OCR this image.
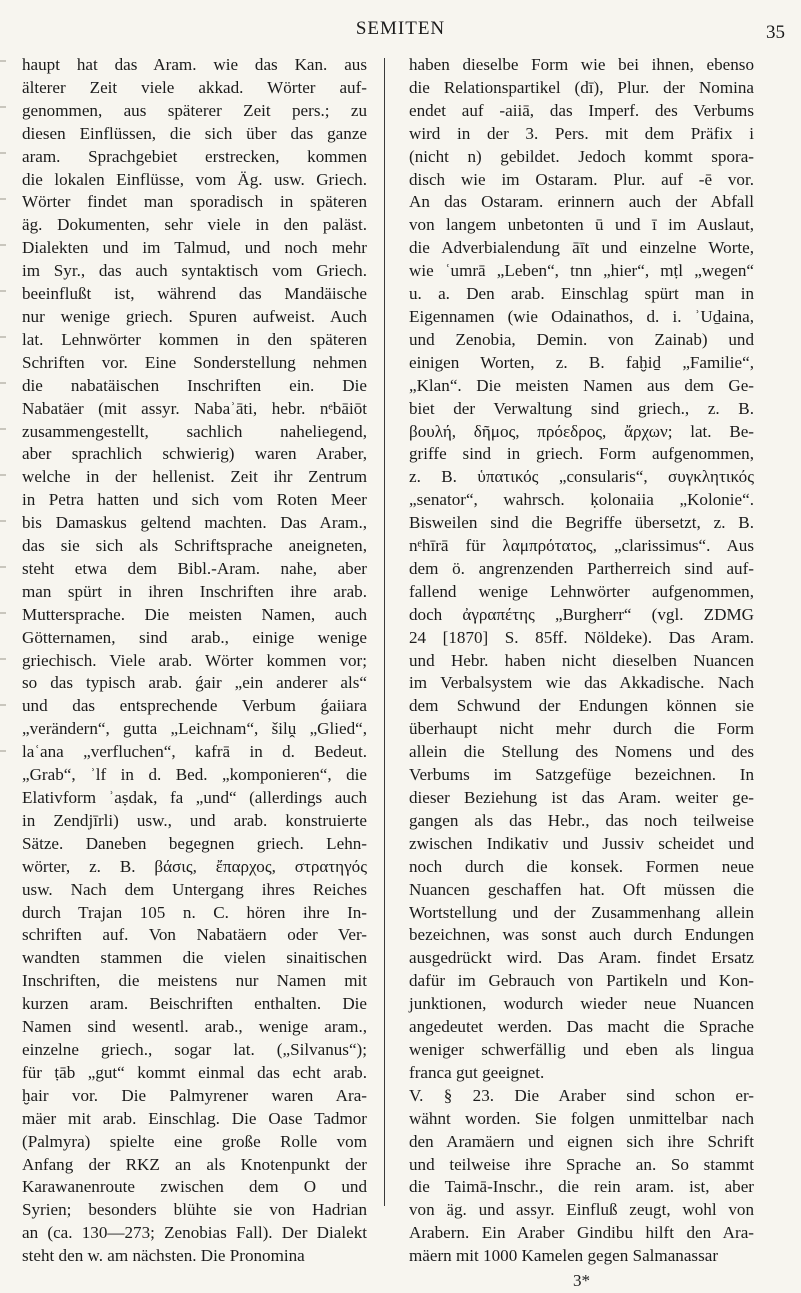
SEMITEN	35
haupt hat das Aram. wie das Kan. aus
älterer Zeit viele akkad. Wörter auf-
genommen, aus späterer Zeit pers.; zu
diesen Einflüssen, die sich über das ganze
aram. Sprachgebiet erstrecken, kommen
die lokalen Einflüsse, vom Äg. usw. Griech.
Wörter findet man sporadisch in späteren
äg. Dokumenten, sehr viele in den paläst.
Dialekten und im Talmud, und noch mehr
im Syr., das auch syntaktisch vom Griech.
beeinflußt ist, während das Mandäische
nur wenige griech. Spuren aufweist. Auch
lat. Lehnwörter kommen in den späteren
Schriften vor. Eine Sonderstellung nehmen
die nabatäischen Inschriften ein. Die
Nabatäer (mit assyr. Nabaʾāti, hebr. nᵉbāiōt
zusammengestellt, sachlich naheliegend,
aber sprachlich schwierig) waren Araber,
welche in der hellenist. Zeit ihr Zentrum
in Petra hatten und sich vom Roten Meer
bis Damaskus geltend machten. Das Aram.,
das sie sich als Schriftsprache aneigneten,
steht etwa dem Bibl.-Aram. nahe, aber
man spürt in ihren Inschriften ihre arab.
Muttersprache. Die meisten Namen, auch
Götternamen, sind arab., einige wenige
griechisch. Viele arab. Wörter kommen vor;
so das typisch arab. ǵair „ein anderer als“
und das entsprechende Verbum ǵaiiara
„verändern“, gutta „Leichnam“, šilṷ „Glied“,
laʿana „verfluchen“, kafrā in d. Bedeut.
„Grab“, ʾlf in d. Bed. „komponieren“, die
Elativform ʾaṣdak, fa „und“ (allerdings auch
in Zendjīrli) usw., und arab. konstruierte
Sätze. Daneben begegnen griech. Lehn-
wörter, z. B. βάσις, ἔπαρχος, στρατηγός
usw. Nach dem Untergang ihres Reiches
durch Trajan 105 n. C. hören ihre In-
schriften auf. Von Nabatäern oder Ver-
wandten stammen die vielen sinaitischen
Inschriften, die meistens nur Namen mit
kurzen aram. Beischriften enthalten. Die
Namen sind wesentl. arab., wenige aram.,
einzelne griech., sogar lat. („Silvanus“);
für ṭāb „gut“ kommt einmal das echt arab.
ḫair vor. Die Palmyrener waren Ara-
mäer mit arab. Einschlag. Die Oase Tadmor
(Palmyra) spielte eine große Rolle vom
Anfang der RKZ an als Knotenpunkt der
Karawanenroute zwischen dem O und
Syrien; besonders blühte sie von Hadrian
an (ca. 130—273; Zenobias Fall). Der Dialekt
steht den w. am nächsten. Die Pronomina
haben dieselbe Form wie bei ihnen, ebenso
die Relationspartikel (dī), Plur. der Nomina
endet auf -aiiā, das Imperf. des Verbums
wird in der 3. Pers. mit dem Präfix i
(nicht n) gebildet. Jedoch kommt spora-
disch wie im Ostaram. Plur. auf -ē vor.
An das Ostaram. erinnern auch der Abfall
von langem unbetonten ū und ī im Auslaut,
die Adverbialendung āīt und einzelne Worte,
wie ʿumrā „Leben“, tnn „hier“, mṭl „wegen“
u. a. Den arab. Einschlag spürt man in
Eigennamen (wie Odainathos, d. i. ʾUḏaina,
und Zenobia, Demin. von Zainab) und
einigen Worten, z. B. faḫiḏ „Familie“,
„Klan“. Die meisten Namen aus dem Ge-
biet der Verwaltung sind griech., z. B.
βουλή, δῆμος, πρόεδρος, ἄρχων; lat. Be-
griffe sind in griech. Form aufgenommen,
z. B. ὑπατικός „consularis“, συγκλητικός
„senator“, wahrsch. ḳolonaiia „Kolonie“.
Bisweilen sind die Begriffe übersetzt, z. B.
nᵉhīrā für λαμπρότατος, „clarissimus“. Aus
dem ö. angrenzenden Partherreich sind auf-
fallend wenige Lehnwörter aufgenommen,
doch ἀγραπέτης „Burgherr“ (vgl. ZDMG
24 [1870] S. 85ff. Nöldeke). Das Aram.
und Hebr. haben nicht dieselben Nuancen
im Verbalsystem wie das Akkadische. Nach
dem Schwund der Endungen können sie
überhaupt nicht mehr durch die Form
allein die Stellung des Nomens und des
Verbums im Satzgefüge bezeichnen. In
dieser Beziehung ist das Aram. weiter ge-
gangen als das Hebr., das noch teilweise
zwischen Indikativ und Jussiv scheidet und
noch durch die konsek. Formen neue
Nuancen geschaffen hat. Oft müssen die
Wortstellung und der Zusammenhang allein
bezeichnen, was sonst auch durch Endungen
ausgedrückt wird. Das Aram. findet Ersatz
dafür im Gebrauch von Partikeln und Kon-
junktionen, wodurch wieder neue Nuancen
angedeutet werden. Das macht die Sprache
weniger schwerfällig und eben als lingua
franca gut geeignet.
V. § 23. Die Araber sind schon er-
wähnt worden. Sie folgen unmittelbar nach
den Aramäern und eignen sich ihre Schrift
und teilweise ihre Sprache an. So stammt
die Taimā-Inschr., die rein aram. ist, aber
von äg. und assyr. Einfluß zeugt, wohl von
Arabern. Ein Araber Gindibu hilft den Ara-
mäern mit 1000 Kamelen gegen Salmanassar
3*
